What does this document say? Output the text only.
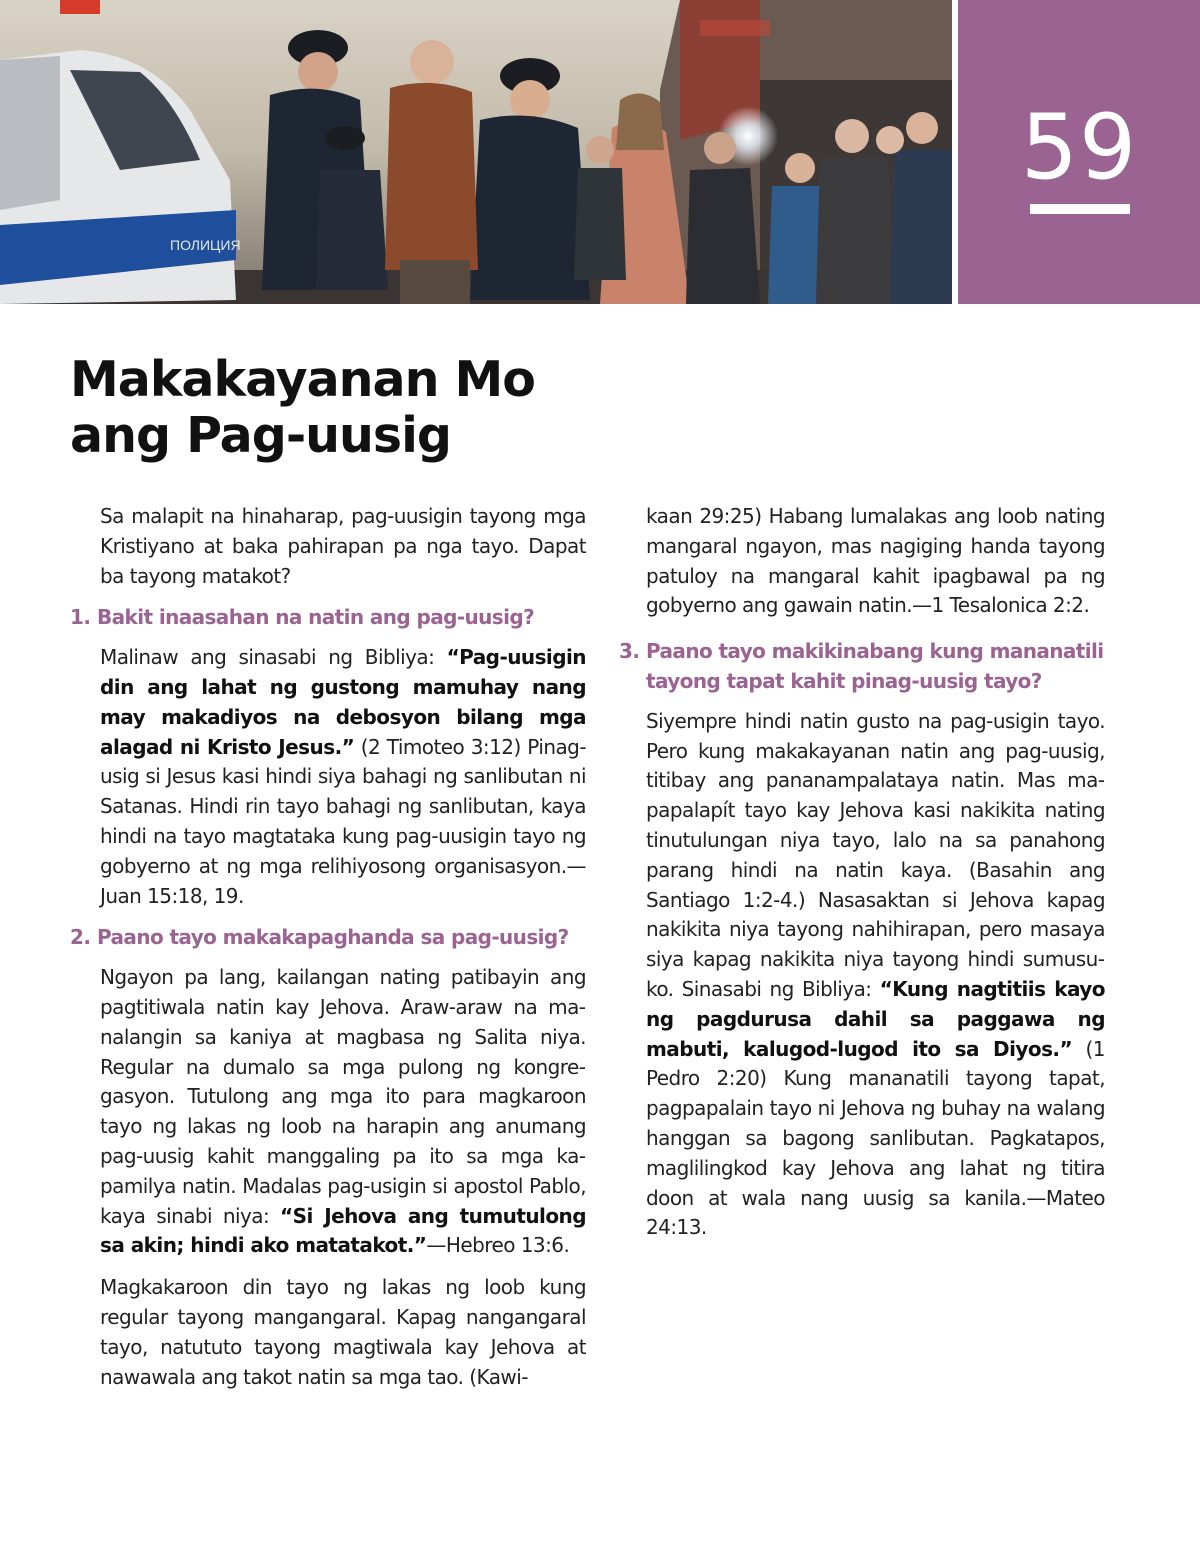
ПОЛИЦИЯ
59
Makakayanan Mo
ang Pag-uusig

Sa malapit na hinaharap, pag-uusigin tayong mga Kristiyano at baka pahirapan pa nga tayo. Dapat ba tayong matakot?

1. Bakit inaasahan na natin ang pag-uusig?

Malinaw ang sinasabi ng Bibliya: “Pag-uusigin din ang lahat ng gustong mamuhay nang may makadiyos na debosyon bilang mga alagad ni Kristo Jesus.” (2 Timoteo 3:12) Pinag-usig si Jesus kasi hindi siya bahagi ng sanlibutan ni Satanas. Hindi rin tayo bahagi ng sanlibutan, kaya hindi na tayo magtataka kung pag-uusigin tayo ng gobyerno at ng mga relihiyosong organisasyon.—Juan 15:18, 19.

2. Paano tayo makakapaghanda sa pag-uusig?

Ngayon pa lang, kailangan nating patibayin ang pagtitiwala natin kay Jehova. Araw-araw na manalangin sa kaniya at magbasa ng Salita niya. Regular na dumalo sa mga pulong ng kongregasyon. Tutulong ang mga ito para magkaroon tayo ng lakas ng loob na harapin ang anumang pag-uusig kahit manggaling pa ito sa mga kapamilya natin. Madalas pag-usigin si apostol Pablo, kaya sinabi niya: “Si Jehova ang tumutulong sa akin; hindi ako matatakot.”—Hebreo 13:6.

Magkakaroon din tayo ng lakas ng loob kung regular tayong mangangaral. Kapag nangangaral tayo, natututo tayong magtiwala kay Jehova at nawawala ang takot natin sa mga tao. (Kawi-

kaan 29:25) Habang lumalakas ang loob nating mangaral ngayon, mas nagiging handa tayong patuloy na mangaral kahit ipagbawal pa ng gobyerno ang gawain natin.—1 Tesalonica 2:2.

3. Paano tayo makikinabang kung mananatili tayong tapat kahit pinag-uusig tayo?

Siyempre hindi natin gusto na pag-usigin tayo. Pero kung makakayanan natin ang pag-uusig, titibay ang pananampalataya natin. Mas mapapalapít tayo kay Jehova kasi nakikita nating tinutulungan niya tayo, lalo na sa panahong parang hindi na natin kaya. (Basahin ang Santiago 1:2-4.) Nasasaktan si Jehova kapag nakikita niya tayong nahihirapan, pero masaya siya kapag nakikita niya tayong hindi sumusuko. Sinasabi ng Bibliya: “Kung nagtitiis kayo ng pagdurusa dahil sa paggawa ng mabuti, kalugod-lugod ito sa Diyos.” (1 Pedro 2:20) Kung mananatili tayong tapat, pagpapalain tayo ni Jehova ng buhay na walang hanggan sa bagong sanlibutan. Pagkatapos, maglilingkod kay Jehova ang lahat ng titira doon at wala nang uusig sa kanila.—Mateo 24:13.
